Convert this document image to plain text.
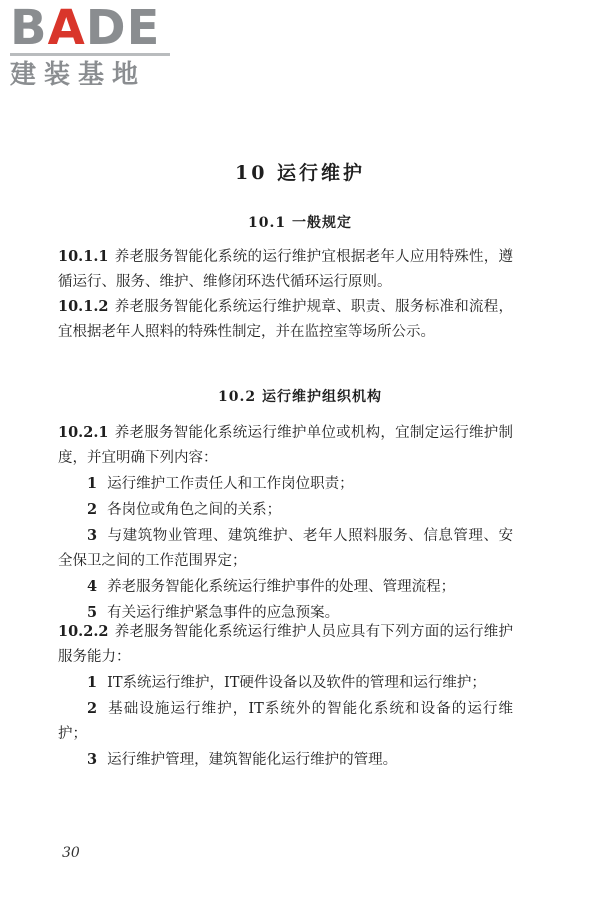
BADE
建装基地
10 运行维护
10.1 一般规定
10.1.1 养老服务智能化系统的运行维护宜根据老年人应用特殊性，遵循运行、服务、维护、维修闭环迭代循环运行原则。
10.1.2 养老服务智能化系统运行维护规章、职责、服务标准和流程，宜根据老年人照料的特殊性制定，并在监控室等场所公示。
10.2 运行维护组织机构
10.2.1 养老服务智能化系统运行维护单位或机构，宜制定运行维护制度，并宜明确下列内容：
1 运行维护工作责任人和工作岗位职责；
2 各岗位或角色之间的关系；
3 与建筑物业管理、建筑维护、老年人照料服务、信息管理、安全保卫之间的工作范围界定；
4 养老服务智能化系统运行维护事件的处理、管理流程；
5 有关运行维护紧急事件的应急预案。
10.2.2 养老服务智能化系统运行维护人员应具有下列方面的运行维护服务能力：
1 IT系统运行维护，IT硬件设备以及软件的管理和运行维护；
2 基础设施运行维护，IT系统外的智能化系统和设备的运行维护；
3 运行维护管理，建筑智能化运行维护的管理。
30
